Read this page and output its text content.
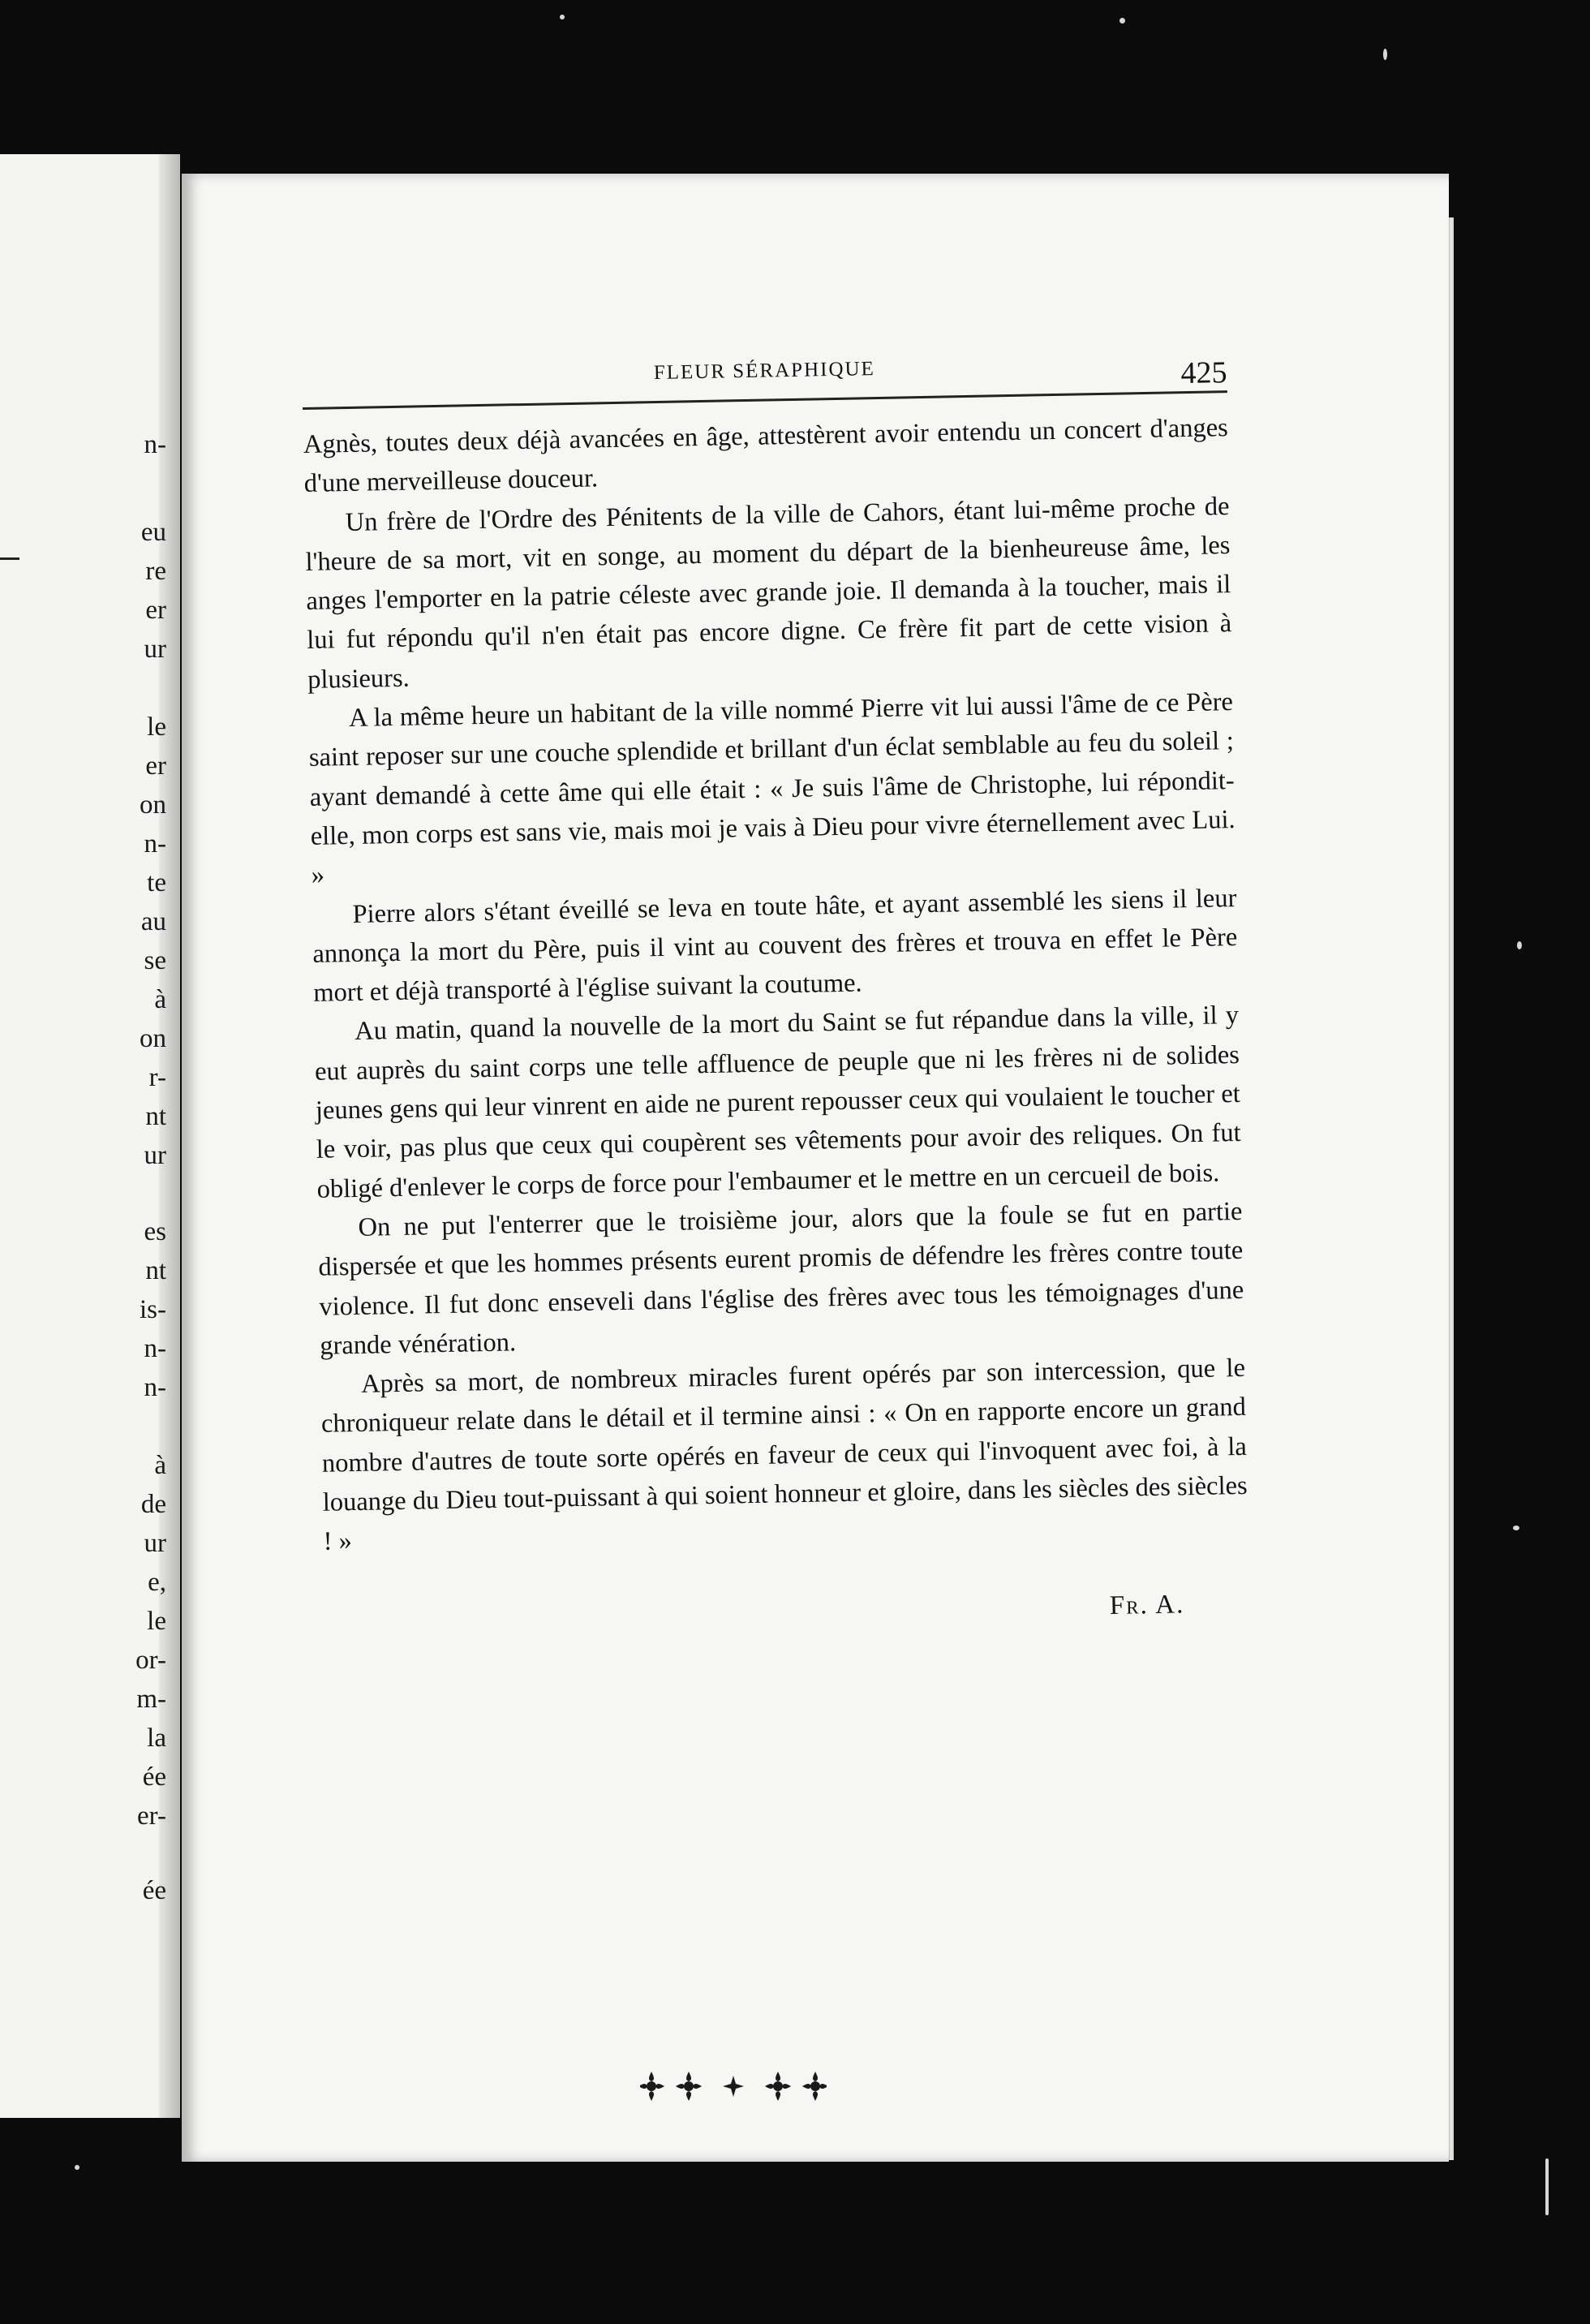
n-
eu
re
er
ur
le
er
on
n-
te
au
se
à
on
r-
nt
ur
es
nt
is-
n-
n-
à
de
ur
e,
le
or-
m-
la
ée
er-
ée
FLEUR SÉRAPHIQUE	425

Agnès, toutes deux déjà avancées en âge, attestèrent avoir entendu un concert d'anges d'une merveilleuse douceur.

Un frère de l'Ordre des Pénitents de la ville de Cahors, étant lui-même proche de l'heure de sa mort, vit en songe, au moment du départ de la bienheureuse âme, les anges l'emporter en la patrie céleste avec grande joie. Il demanda à la toucher, mais il lui fut répondu qu'il n'en était pas encore digne. Ce frère fit part de cette vision à plusieurs.

A la même heure un habitant de la ville nommé Pierre vit lui aussi l'âme de ce Père saint reposer sur une couche splendide et brillant d'un éclat semblable au feu du soleil ; ayant demandé à cette âme qui elle était : « Je suis l'âme de Christophe, lui répondit-elle, mon corps est sans vie, mais moi je vais à Dieu pour vivre éternellement avec Lui. »

Pierre alors s'étant éveillé se leva en toute hâte, et ayant assemblé les siens il leur annonça la mort du Père, puis il vint au couvent des frères et trouva en effet le Père mort et déjà transporté à l'église suivant la coutume.

Au matin, quand la nouvelle de la mort du Saint se fut répandue dans la ville, il y eut auprès du saint corps une telle affluence de peuple que ni les frères ni de solides jeunes gens qui leur vinrent en aide ne purent repousser ceux qui voulaient le toucher et le voir, pas plus que ceux qui coupèrent ses vêtements pour avoir des reliques. On fut obligé d'enlever le corps de force pour l'embaumer et le mettre en un cercueil de bois.

On ne put l'enterrer que le troisième jour, alors que la foule se fut en partie dispersée et que les hommes présents eurent promis de défendre les frères contre toute violence. Il fut donc enseveli dans l'église des frères avec tous les témoignages d'une grande vénération.

Après sa mort, de nombreux miracles furent opérés par son intercession, que le chroniqueur relate dans le détail et il termine ainsi : « On en rapporte encore un grand nombre d'autres de toute sorte opérés en faveur de ceux qui l'invoquent avec foi, à la louange du Dieu tout-puissant à qui soient honneur et gloire, dans les siècles des siècles ! »

Fr. A.
